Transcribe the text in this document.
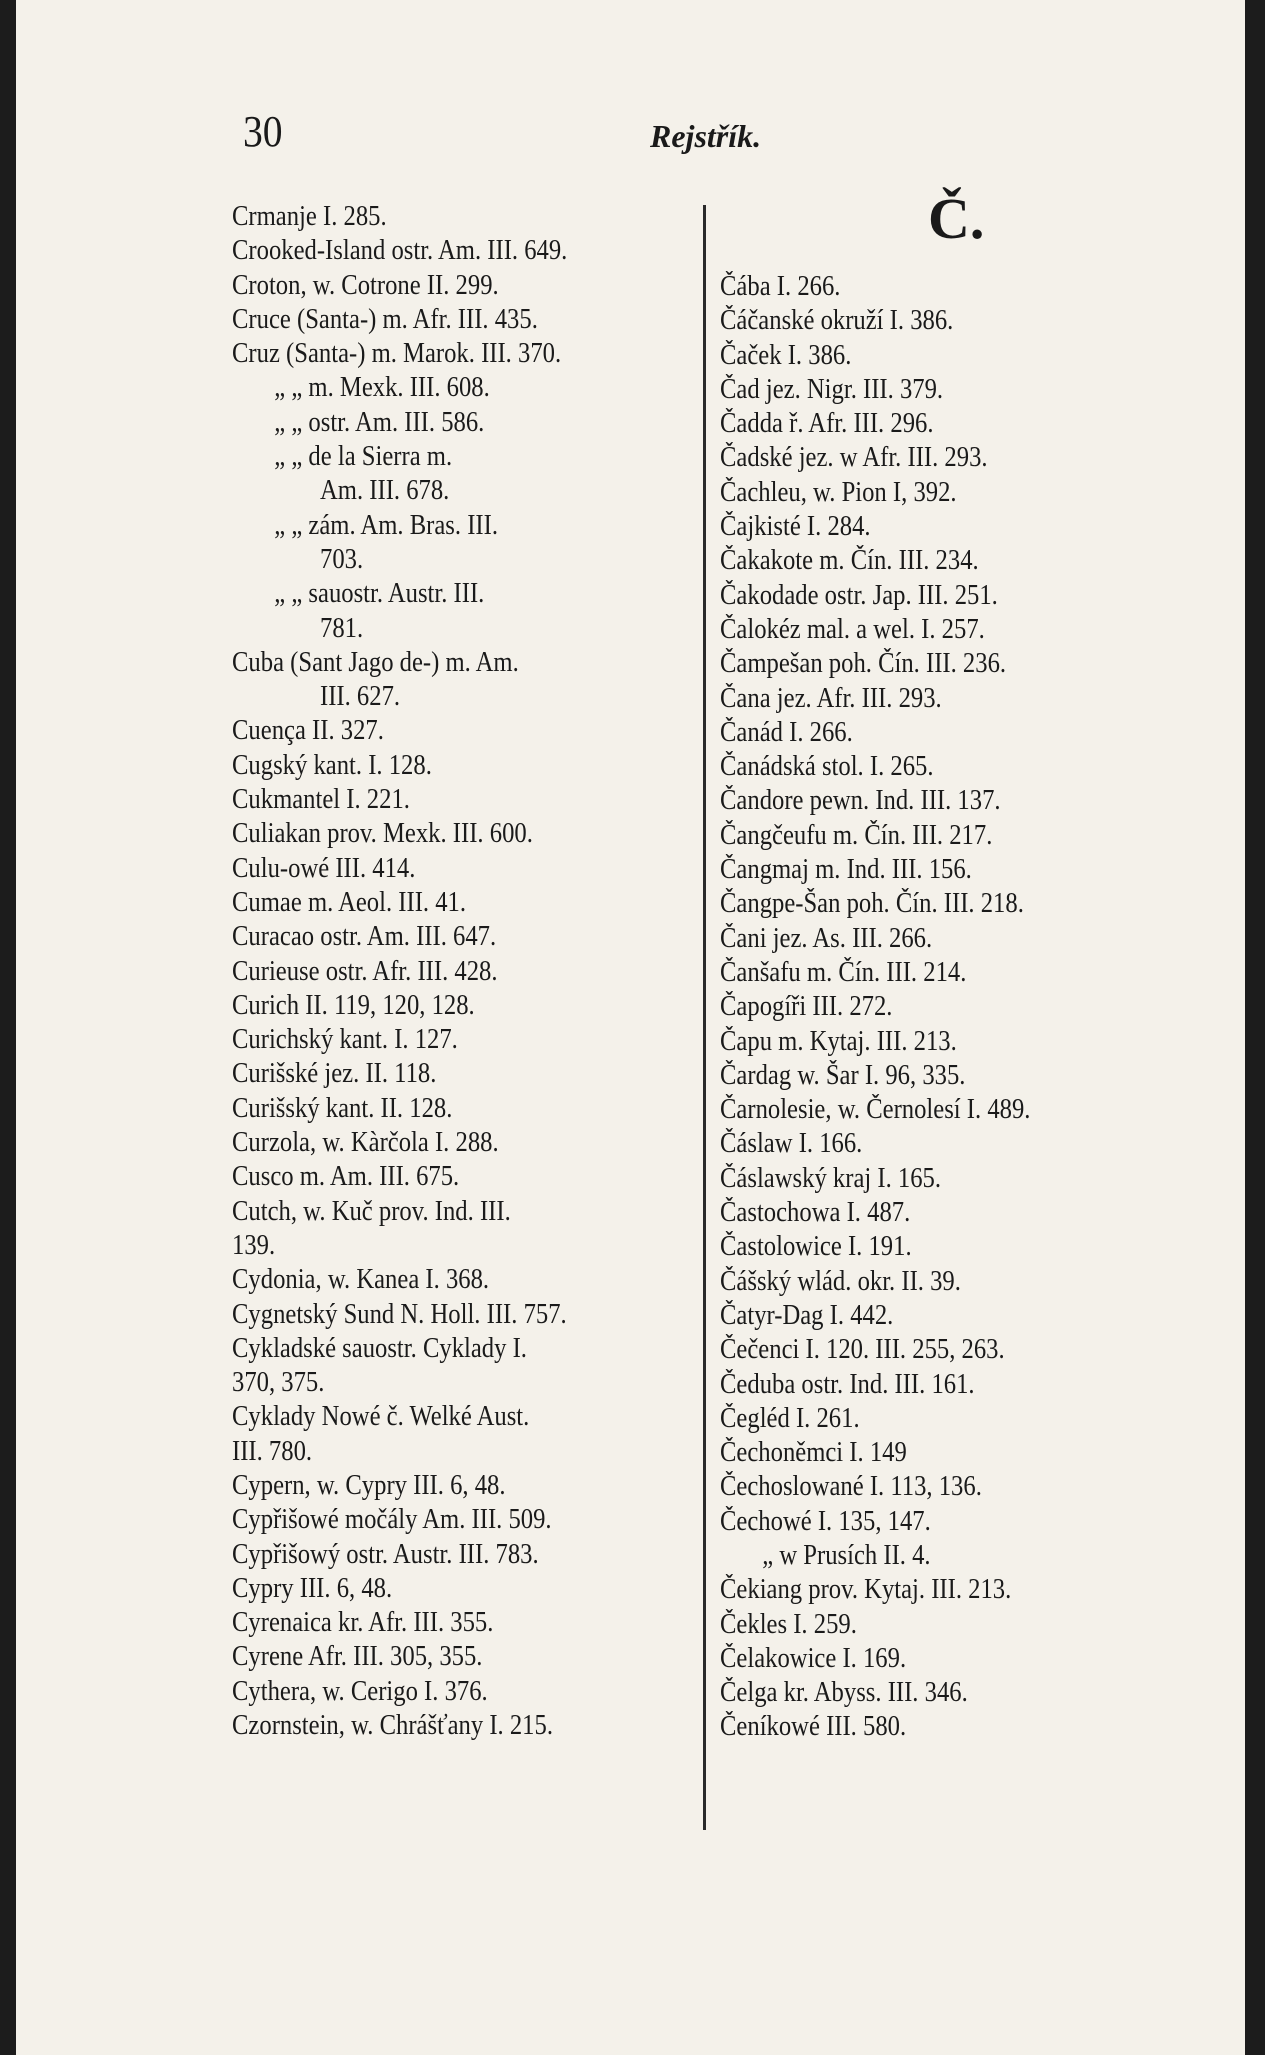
30	Rejstřík.
Crmanje I. 285.
Crooked-Island ostr. Am. III. 649.
Croton, w. Cotrone II. 299.
Cruce (Santa-) m. Afr. III. 435.
Cruz (Santa-) m. Marok. III. 370.
„ „ m. Mexk. III. 608.
„ „ ostr. Am. III. 586.
„ „ de la Sierra m.
Am. III. 678.
„ „ zám. Am. Bras. III.
703.
„ „ sauostr. Austr. III.
781.
Cuba (Sant Jago de-) m. Am.
III. 627.
Cuença II. 327.
Cugský kant. I. 128.
Cukmantel I. 221.
Culiakan prov. Mexk. III. 600.
Culu-owé III. 414.
Cumae m. Aeol. III. 41.
Curacao ostr. Am. III. 647.
Curieuse ostr. Afr. III. 428.
Curich II. 119, 120, 128.
Curichský kant. I. 127.
Curišské jez. II. 118.
Curišský kant. II. 128.
Curzola, w. Kàrčola I. 288.
Cusco m. Am. III. 675.
Cutch, w. Kuč prov. Ind. III.
139.
Cydonia, w. Kanea I. 368.
Cygnetský Sund N. Holl. III. 757.
Cykladské sauostr. Cyklady I.
370, 375.
Cyklady Nowé č. Welké Aust.
III. 780.
Cypern, w. Cypry III. 6, 48.
Cypřišowé močály Am. III. 509.
Cypřišowý ostr. Austr. III. 783.
Cypry III. 6, 48.
Cyrenaica kr. Afr. III. 355.
Cyrene Afr. III. 305, 355.
Cythera, w. Cerigo I. 376.
Czornstein, w. Chrášťany I. 215.
Č.
Čába I. 266.
Čáčanské okruží I. 386.
Čaček I. 386.
Čad jez. Nigr. III. 379.
Čadda ř. Afr. III. 296.
Čadské jez. w Afr. III. 293.
Čachleu, w. Pion I, 392.
Čajkisté I. 284.
Čakakote m. Čín. III. 234.
Čakodade ostr. Jap. III. 251.
Čalokéz mal. a wel. I. 257.
Čampešan poh. Čín. III. 236.
Čana jez. Afr. III. 293.
Čanád I. 266.
Čanádská stol. I. 265.
Čandore pewn. Ind. III. 137.
Čangčeufu m. Čín. III. 217.
Čangmaj m. Ind. III. 156.
Čangpe-Šan poh. Čín. III. 218.
Čani jez. As. III. 266.
Čanšafu m. Čín. III. 214.
Čapogíři III. 272.
Čapu m. Kytaj. III. 213.
Čardag w. Šar I. 96, 335.
Čarnolesie, w. Černolesí I. 489.
Čáslaw I. 166.
Čáslawský kraj I. 165.
Častochowa I. 487.
Častolowice I. 191.
Čášský wlád. okr. II. 39.
Čatyr-Dag I. 442.
Čečenci I. 120. III. 255, 263.
Čeduba ostr. Ind. III. 161.
Čegléd I. 261.
Čechoněmci I. 149
Čechoslowané I. 113, 136.
Čechowé I. 135, 147.
„ w Prusích II. 4.
Čekiang prov. Kytaj. III. 213.
Čekles I. 259.
Čelakowice I. 169.
Čelga kr. Abyss. III. 346.
Čeníkowé III. 580.
